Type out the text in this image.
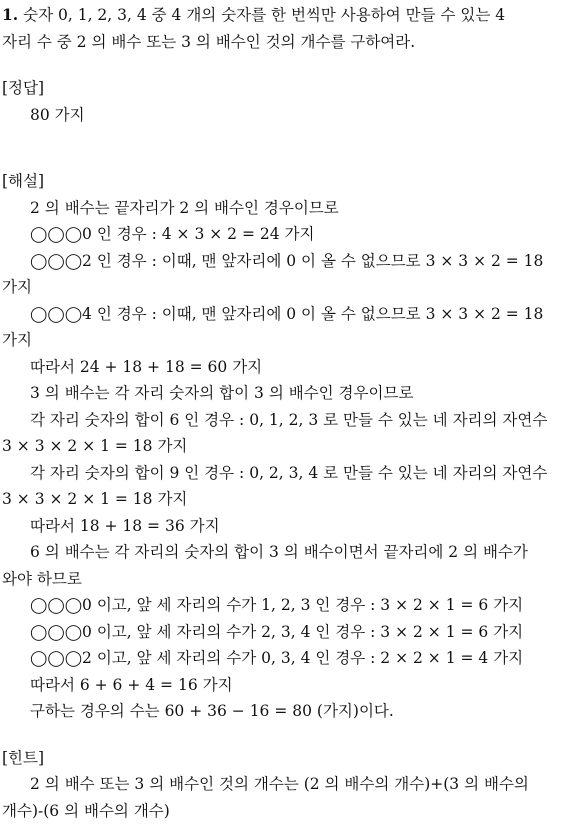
1. 숫자 0, 1, 2, 3, 4 중 4 개의 숫자를 한 번씩만 사용하여 만들 수 있는 4
자리 수 중 2 의 배수 또는 3 의 배수인 것의 개수를 구하여라.
[정답]
80 가지
[해설]
2 의 배수는 끝자리가 2 의 배수인 경우이므로
◯◯◯0 인 경우 : 4 × 3 × 2 = 24 가지
◯◯◯2 인 경우 : 이때, 맨 앞자리에 0 이 올 수 없으므로 3 × 3 × 2 = 18
가지
◯◯◯4 인 경우 : 이때, 맨 앞자리에 0 이 올 수 없으므로 3 × 3 × 2 = 18
가지
따라서 24 + 18 + 18 = 60 가지
3 의 배수는 각 자리 숫자의 합이 3 의 배수인 경우이므로
각 자리 숫자의 합이 6 인 경우 : 0, 1, 2, 3 로 만들 수 있는 네 자리의 자연수
3 × 3 × 2 × 1 = 18 가지
각 자리 숫자의 합이 9 인 경우 : 0, 2, 3, 4 로 만들 수 있는 네 자리의 자연수
3 × 3 × 2 × 1 = 18 가지
따라서 18 + 18 = 36 가지
6 의 배수는 각 자리의 숫자의 합이 3 의 배수이면서 끝자리에 2 의 배수가
와야 하므로
◯◯◯0 이고, 앞 세 자리의 수가 1, 2, 3 인 경우 : 3 × 2 × 1 = 6 가지
◯◯◯0 이고, 앞 세 자리의 수가 2, 3, 4 인 경우 : 3 × 2 × 1 = 6 가지
◯◯◯2 이고, 앞 세 자리의 수가 0, 3, 4 인 경우 : 2 × 2 × 1 = 4 가지
따라서 6 + 6 + 4 = 16 가지
구하는 경우의 수는 60 + 36 − 16 = 80 (가지)이다.
[힌트]
2 의 배수 또는 3 의 배수인 것의 개수는 (2 의 배수의 개수)+(3 의 배수의
개수)-(6 의 배수의 개수)
